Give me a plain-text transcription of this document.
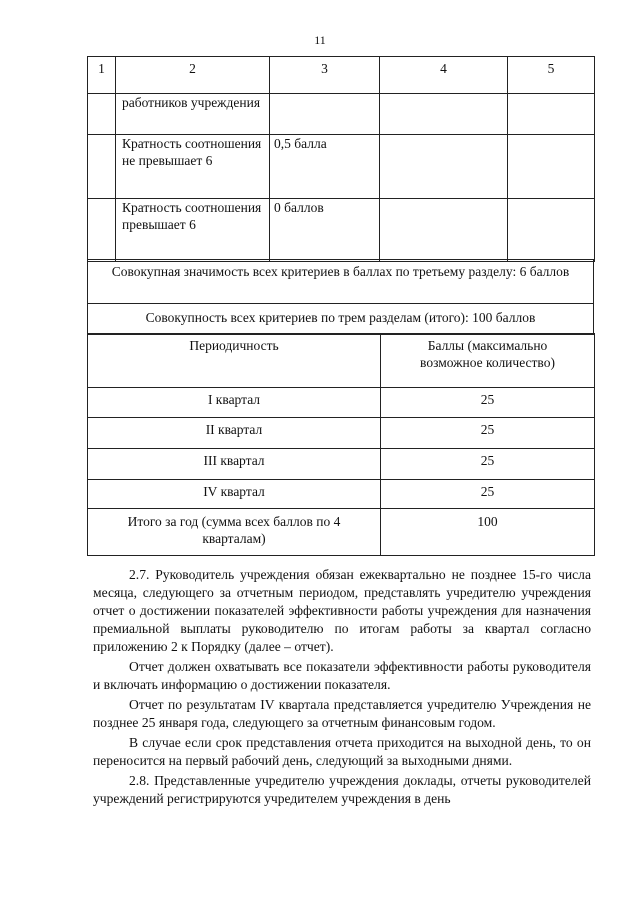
11
1	2	3	4	5
	работников учреждения			
	Кратность соотношения не превышает 6	0,5 балла		
	Кратность соотношения превышает 6	0 баллов		
Совокупная значимость всех критериев в баллах по третьему разделу: 6 баллов
Совокупность всех критериев по трем разделам (итого): 100 баллов
Периодичность	Баллы (максимально возможное количество)
I квартал	25
II квартал	25
III квартал	25
IV квартал	25
Итого за год (сумма всех баллов по 4 кварталам)	100

2.7. Руководитель учреждения обязан ежеквартально не позднее 15-го числа месяца, следующего за отчетным периодом, представлять учредителю учреждения отчет о достижении показателей эффективности работы учреждения для назначения премиальной выплаты руководителю по итогам работы за квартал согласно приложению 2 к Порядку (далее – отчет).

Отчет должен охватывать все показатели эффективности работы руководителя и включать информацию о достижении показателя.

Отчет по результатам IV квартала представляется учредителю Учреждения не позднее 25 января года, следующего за отчетным финансовым годом.

В случае если срок представления отчета приходится на выходной день, то он переносится на первый рабочий день, следующий за выходными днями.

2.8. Представленные учредителю учреждения доклады, отчеты руководителей учреждений регистрируются учредителем учреждения в день
